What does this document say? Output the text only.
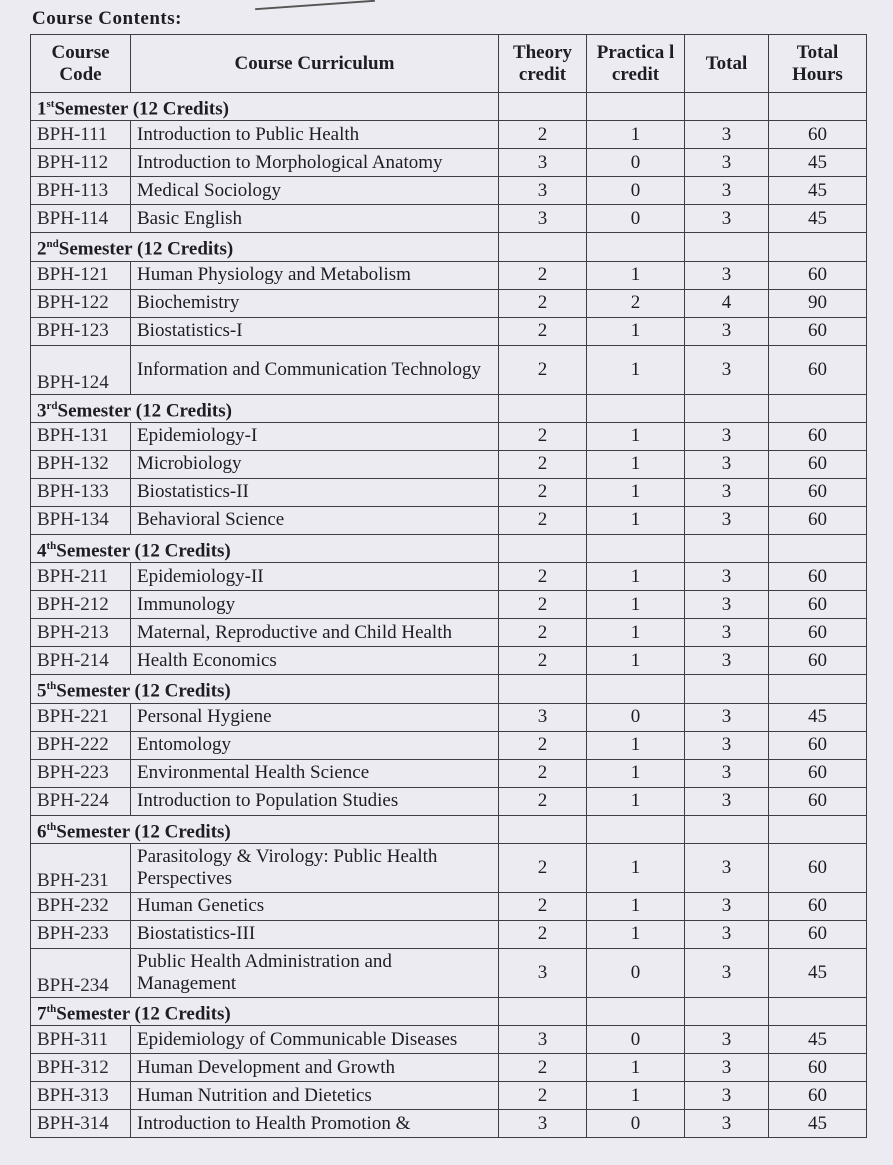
Course Contents:
Course Code	Course Curriculum	Theory credit	Practica l credit	Total	Total Hours
1stSemester (12 Credits)					
BPH-111	Introduction to Public Health	2	1	3	60
BPH-112	Introduction to Morphological Anatomy	3	0	3	45
BPH-113	Medical Sociology	3	0	3	45
BPH-114	Basic English	3	0	3	45
2ndSemester (12 Credits)					
BPH-121	Human Physiology and Metabolism	2	1	3	60
BPH-122	Biochemistry	2	2	4	90
BPH-123	Biostatistics-I	2	1	3	60
BPH-124	Information and Communication Technology	2	1	3	60
3rdSemester (12 Credits)					
BPH-131	Epidemiology-I	2	1	3	60
BPH-132	Microbiology	2	1	3	60
BPH-133	Biostatistics-II	2	1	3	60
BPH-134	Behavioral Science	2	1	3	60
4thSemester (12 Credits)					
BPH-211	Epidemiology-II	2	1	3	60
BPH-212	Immunology	2	1	3	60
BPH-213	Maternal, Reproductive and Child Health	2	1	3	60
BPH-214	Health Economics	2	1	3	60
5thSemester (12 Credits)					
BPH-221	Personal Hygiene	3	0	3	45
BPH-222	Entomology	2	1	3	60
BPH-223	Environmental Health Science	2	1	3	60
BPH-224	Introduction to Population Studies	2	1	3	60
6thSemester (12 Credits)					
BPH-231	Parasitology & Virology: Public Health Perspectives	2	1	3	60
BPH-232	Human Genetics	2	1	3	60
BPH-233	Biostatistics-III	2	1	3	60
BPH-234	Public Health Administration and Management	3	0	3	45
7thSemester (12 Credits)					
BPH-311	Epidemiology of Communicable Diseases	3	0	3	45
BPH-312	Human Development and Growth	2	1	3	60
BPH-313	Human Nutrition and Dietetics	2	1	3	60
BPH-314	Introduction to Health Promotion &	3	0	3	45
